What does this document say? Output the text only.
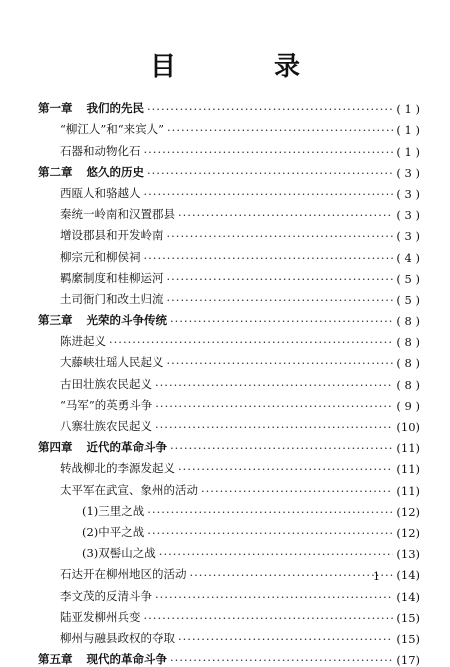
目　录
第一章 我们的先民 ·····	( 1 )
“柳江人”和“来宾人” ·····	( 1 )
石器和动物化石 ·····	( 1 )
第二章 悠久的历史 ·····	( 3 )
西瓯人和骆越人 ·····	( 3 )
秦统一岭南和汉置郡县 ·····	( 3 )
增设郡县和开发岭南 ·····	( 3 )
柳宗元和柳侯祠 ·····	( 4 )
羁縻制度和桂柳运河 ·····	( 5 )
土司衙门和改土归流 ·····	( 5 )
第三章 光荣的斗争传统 ·····	( 8 )
陈进起义 ·····	( 8 )
大藤峡壮瑶人民起义 ·····	( 8 )
古田壮族农民起义 ·····	( 8 )
“马军”的英勇斗争 ·····	( 9 )
八寨壮族农民起义 ·····	(10)
第四章 近代的革命斗争 ·····	(11)
转战柳北的李源发起义 ·····	(11)
太平军在武宣、象州的活动 ·····	(11)
(1)三里之战 ·····	(12)
(2)中平之战 ·····	(12)
(3)双髻山之战 ·····	(13)
石达开在柳州地区的活动 ·····	(14)
李文茂的反清斗争 ·····	(14)
陆亚发柳州兵变 ·····	(15)
柳州与融县政权的夺取 ·····	(15)
第五章 现代的革命斗争 ·····	(17)
1
